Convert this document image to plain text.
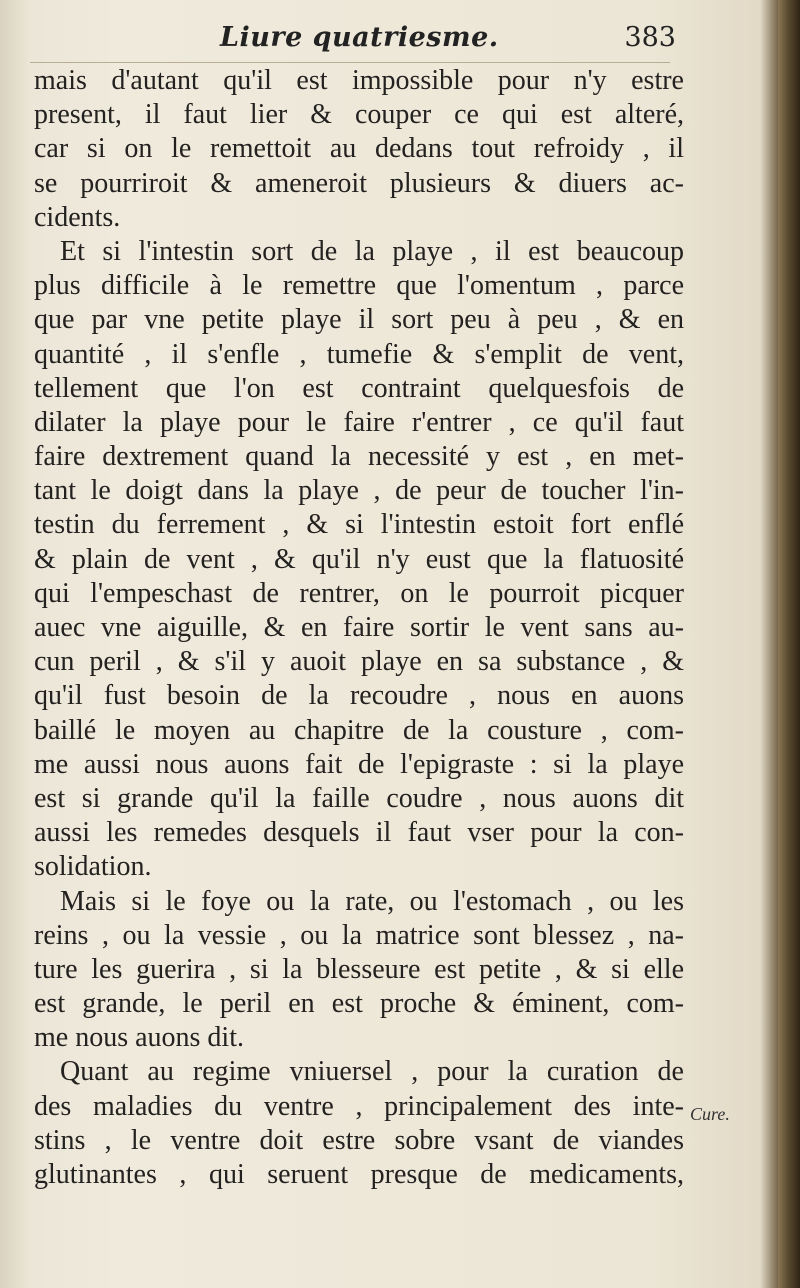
Liure quatriesme.	383
mais d'autant qu'il est impossible pour n'y estre
present, il faut lier & couper ce qui est alteré,
car si on le remettoit au dedans tout refroidy , il
se pourriroit & ameneroit plusieurs & diuers ac-
cidents.
Et si l'intestin sort de la playe , il est beaucoup
plus difficile à le remettre que l'omentum , parce
que par vne petite playe il sort peu à peu , & en
quantité , il s'enfle , tumefie & s'emplit de vent,
tellement que l'on est contraint quelquesfois de
dilater la playe pour le faire r'entrer , ce qu'il faut
faire dextrement quand la necessité y est , en met-
tant le doigt dans la playe , de peur de toucher l'in-
testin du ferrement , & si l'intestin estoit fort enflé
& plain de vent , & qu'il n'y eust que la flatuosité
qui l'empeschast de rentrer, on le pourroit picquer
auec vne aiguille, & en faire sortir le vent sans au-
cun peril , & s'il y auoit playe en sa substance , &
qu'il fust besoin de la recoudre , nous en auons
baillé le moyen au chapitre de la cousture , com-
me aussi nous auons fait de l'epigraste : si la playe
est si grande qu'il la faille coudre , nous auons dit
aussi les remedes desquels il faut vser pour la con-
solidation.
Mais si le foye ou la rate, ou l'estomach , ou les
reins , ou la vessie , ou la matrice sont blessez , na-
ture les guerira , si la blesseure est petite , & si elle
est grande, le peril en est proche & éminent, com-
me nous auons dit.
Quant au regime vniuersel , pour la curation de
des maladies du ventre , principalement des inte-
stins , le ventre doit estre sobre vsant de viandes
glutinantes , qui seruent presque de medicaments,
Cure.
